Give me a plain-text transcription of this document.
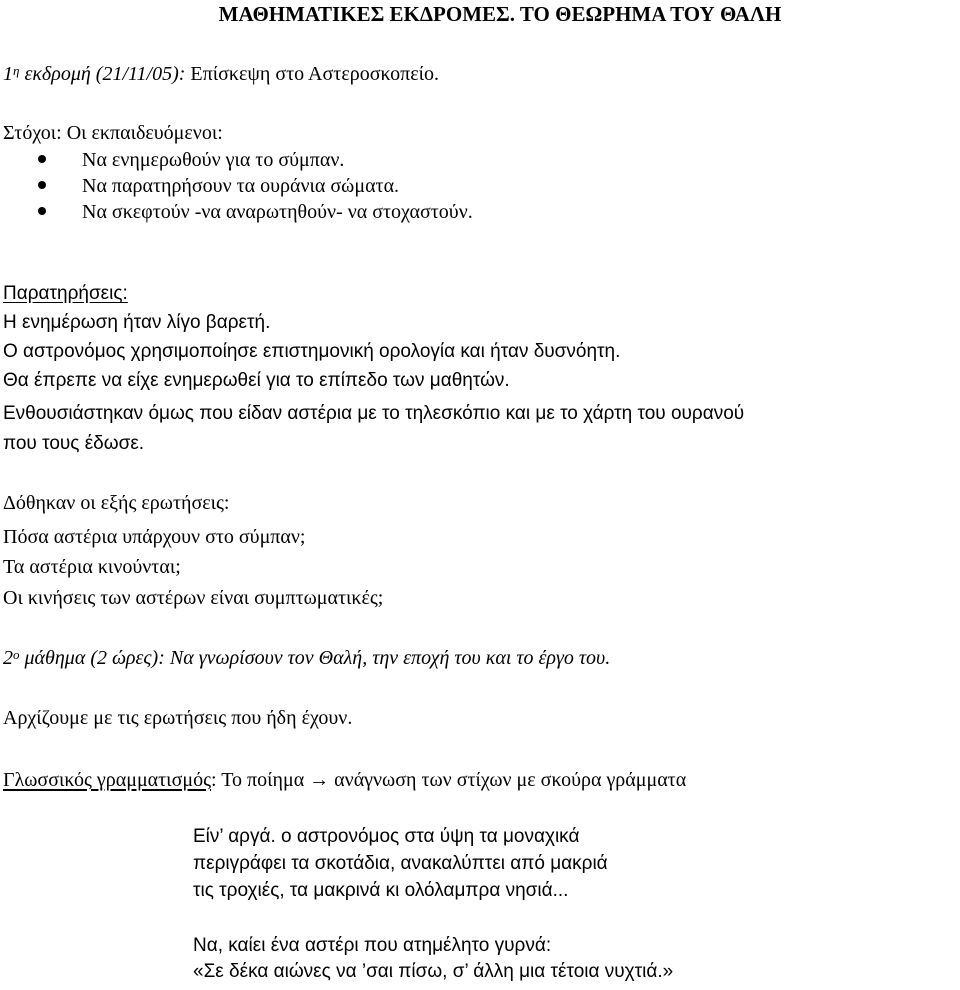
ΜΑΘΗΜΑΤΙΚΕΣ ΕΚΔΡΟΜΕΣ. ΤΟ ΘΕΩΡΗΜΑ ΤΟΥ ΘΑΛΗ
$1^\eta$ εκδρομή (21/11/05): Επίσκεψη στο Αστεροσκοπείο.
Στόχοι: Οι εκπαιδευόμενοι:
Να ενημερωθούν για το σύμπαν.
Να παρατηρήσουν τα ουράνια σώματα.
Να σκεφτούν -να αναρωτηθούν- να στοχαστούν.
Παρατηρήσεις:
Η ενημέρωση ήταν λίγο βαρετή.
Ο αστρονόμος χρησιμοποίησε επιστημονική ορολογία και ήταν δυσνόητη.
Θα έπρεπε να είχε ενημερωθεί για το επίπεδο των μαθητών.
Ενθουσιάστηκαν όμως που είδαν αστέρια με το τηλεσκόπιο και με το χάρτη του ουρανού
που τους έδωσε.
Δόθηκαν οι εξής ερωτήσεις:
Πόσα αστέρια υπάρχουν στο σύμπαν;
Τα αστέρια κινούνται;
Οι κινήσεις των αστέρων είναι συμπτωματικές;
$2^o$ μάθημα (2 ώρες): Να γνωρίσουν τον Θαλή, την εποχή του και το έργο του.
Αρχίζουμε με τις ερωτήσεις που ήδη έχουν.
Γλωσσικός γραμματισμός: Το ποίημα → ανάγνωση των στίχων με σκούρα γράμματα
Είν’ αργά. ο αστρονόμος στα ύψη τα μοναχικά
περιγράφει τα σκοτάδια, ανακαλύπτει από μακριά
τις τροχιές, τα μακρινά κι ολόλαμπρα νησιά...
Να, καίει ένα αστέρι που ατημέλητο γυρνά:
«Σε δέκα αιώνες να ’σαι πίσω, σ’ άλλη μια τέτοια νυχτιά.»
